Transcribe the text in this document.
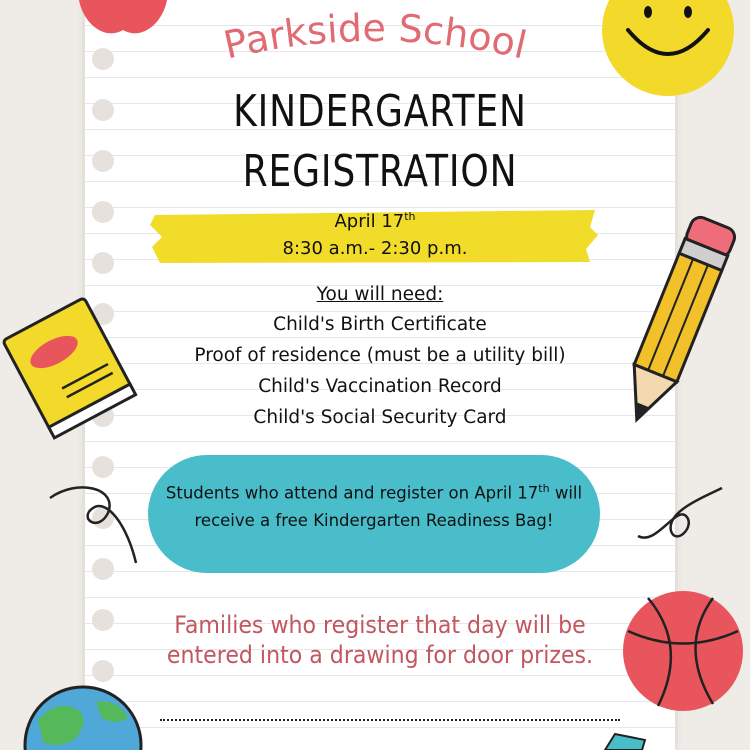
Parkside School
KINDERGARTEN
REGISTRATION
April 17th
8:30 a.m.- 2:30 p.m.
You will need:
Child's Birth Certificate
Proof of residence (must be a utility bill)
Child's Vaccination Record
Child's Social Security Card
Students who attend and register on April 17th will receive a free Kindergarten Readiness Bag!
Families who register that day will be
entered into a drawing for door prizes.
